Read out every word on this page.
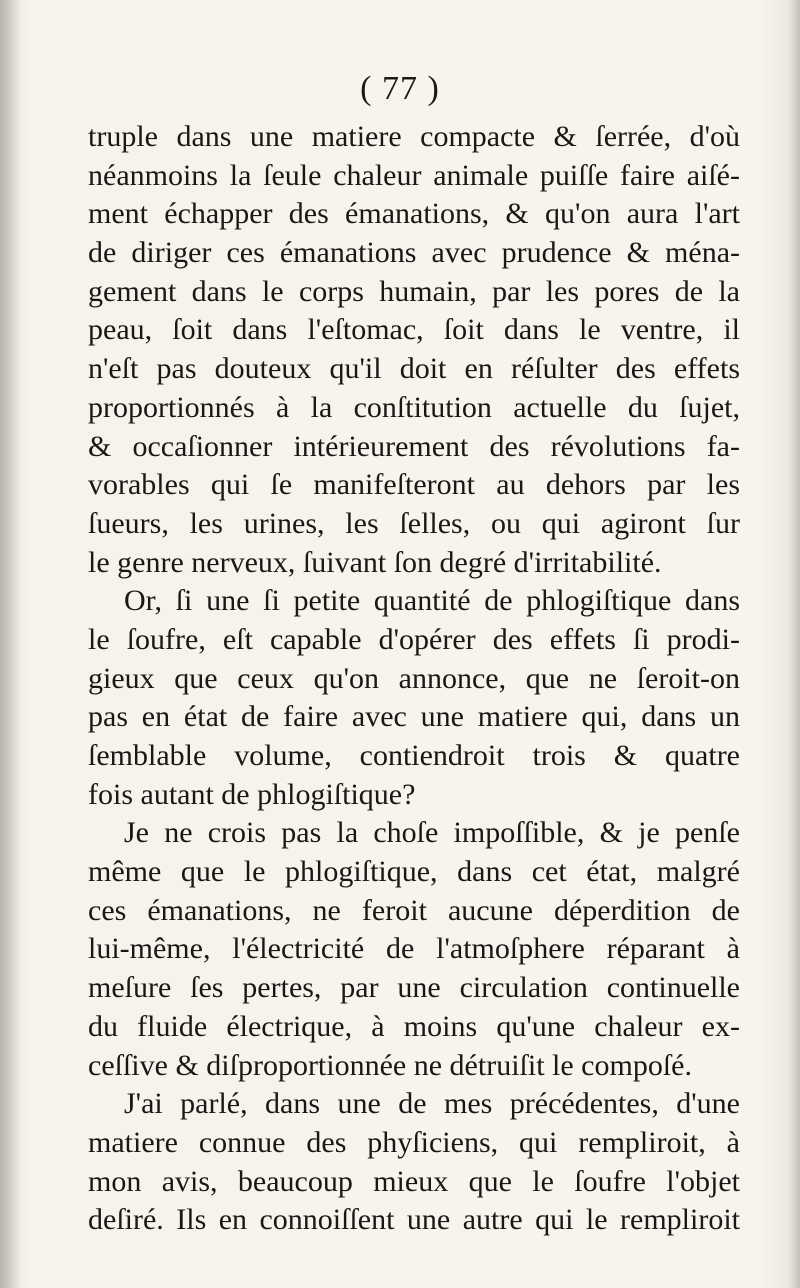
( 77 )
truple dans une matiere compacte & ſerrée, d'où
néanmoins la ſeule chaleur animale puiſſe faire aiſé-
ment échapper des émanations, & qu'on aura l'art
de diriger ces émanations avec prudence & ména-
gement dans le corps humain, par les pores de la
peau, ſoit dans l'eſtomac, ſoit dans le ventre, il
n'eſt pas douteux qu'il doit en réſulter des effets
proportionnés à la conſtitution actuelle du ſujet,
& occaſionner intérieurement des révolutions fa-
vorables qui ſe manifeſteront au dehors par les
ſueurs, les urines, les ſelles, ou qui agiront ſur
le genre nerveux, ſuivant ſon degré d'irritabilité.
Or, ſi une ſi petite quantité de phlogiſtique dans
le ſoufre, eſt capable d'opérer des effets ſi prodi-
gieux que ceux qu'on annonce, que ne ſeroit-on
pas en état de faire avec une matiere qui, dans un
ſemblable volume, contiendroit trois & quatre
fois autant de phlogiſtique?
Je ne crois pas la choſe impoſſible, & je penſe
même que le phlogiſtique, dans cet état, malgré
ces émanations, ne feroit aucune déperdition de
lui-même, l'électricité de l'atmoſphere réparant à
meſure ſes pertes, par une circulation continuelle
du fluide électrique, à moins qu'une chaleur ex-
ceſſive & diſproportionnée ne détruiſit le compoſé.
J'ai parlé, dans une de mes précédentes, d'une
matiere connue des phyſiciens, qui rempliroit, à
mon avis, beaucoup mieux que le ſoufre l'objet
deſiré. Ils en connoiſſent une autre qui le rempliroit
